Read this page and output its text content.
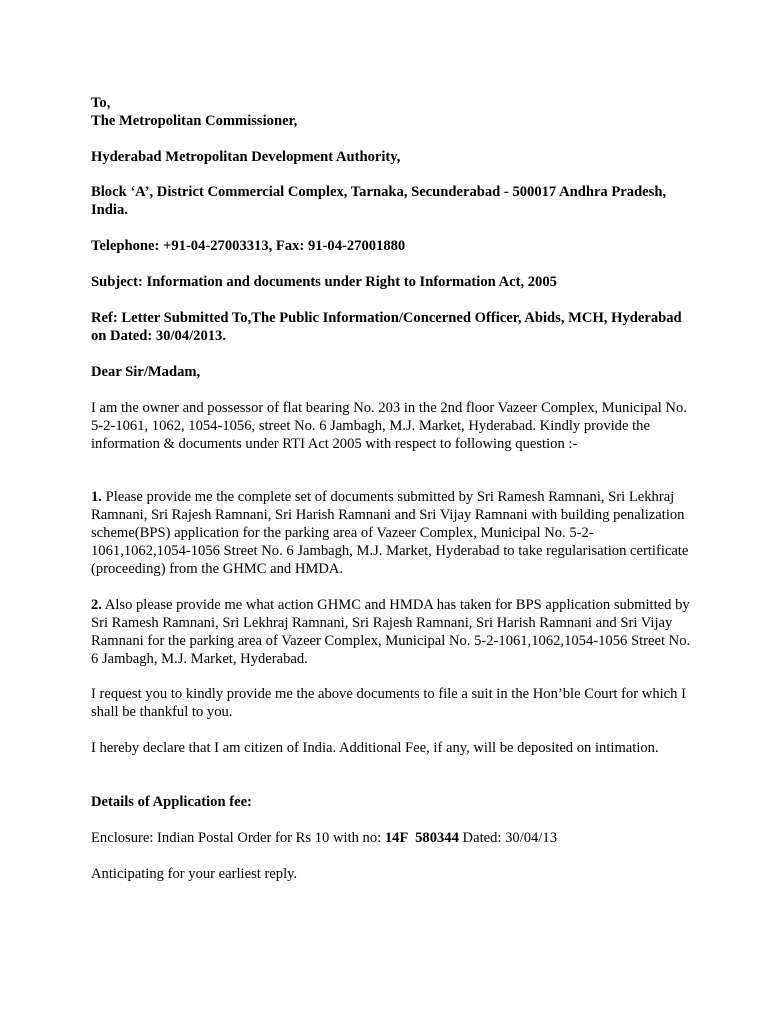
To,

The Metropolitan Commissioner,

Hyderabad Metropolitan Development Authority,

Block ‘A’, District Commercial Complex, Tarnaka, Secunderabad - 500017 Andhra Pradesh, India.

Telephone: +91-04-27003313, Fax: 91-04-27001880

Subject: Information and documents under Right to Information Act, 2005

Ref: Letter Submitted To,The Public Information/Concerned Officer, Abids, MCH, Hyderabad on Dated: 30/04/2013.

Dear Sir/Madam,

I am the owner and possessor of flat bearing No. 203 in the 2nd floor Vazeer Complex, Municipal No. 5-2-1061, 1062, 1054-1056, street No. 6 Jambagh, M.J. Market, Hyderabad. Kindly provide the information & documents under RTI Act 2005 with respect to following question :-

1. Please provide me the complete set of documents submitted by Sri Ramesh Ramnani, Sri Lekhraj Ramnani, Sri Rajesh Ramnani, Sri Harish Ramnani and Sri Vijay Ramnani with building penalization scheme(BPS) application for the parking area of Vazeer Complex, Municipal No. 5-2-1061,1062,1054-1056 Street No. 6 Jambagh, M.J. Market, Hyderabad to take regularisation certificate (proceeding) from the GHMC and HMDA.

2. Also please provide me what action GHMC and HMDA has taken for BPS application submitted by Sri Ramesh Ramnani, Sri Lekhraj Ramnani, Sri Rajesh Ramnani, Sri Harish Ramnani and Sri Vijay Ramnani for the parking area of Vazeer Complex, Municipal No. 5-2-1061,1062,1054-1056 Street No. 6 Jambagh, M.J. Market, Hyderabad.

I request you to kindly provide me the above documents to file a suit in the Hon’ble Court for which I shall be thankful to you.

I hereby declare that I am citizen of India. Additional Fee, if any, will be deposited on intimation.

Details of Application fee:

Enclosure: Indian Postal Order for Rs 10 with no: 14F  580344 Dated: 30/04/13

Anticipating for your earliest reply.
